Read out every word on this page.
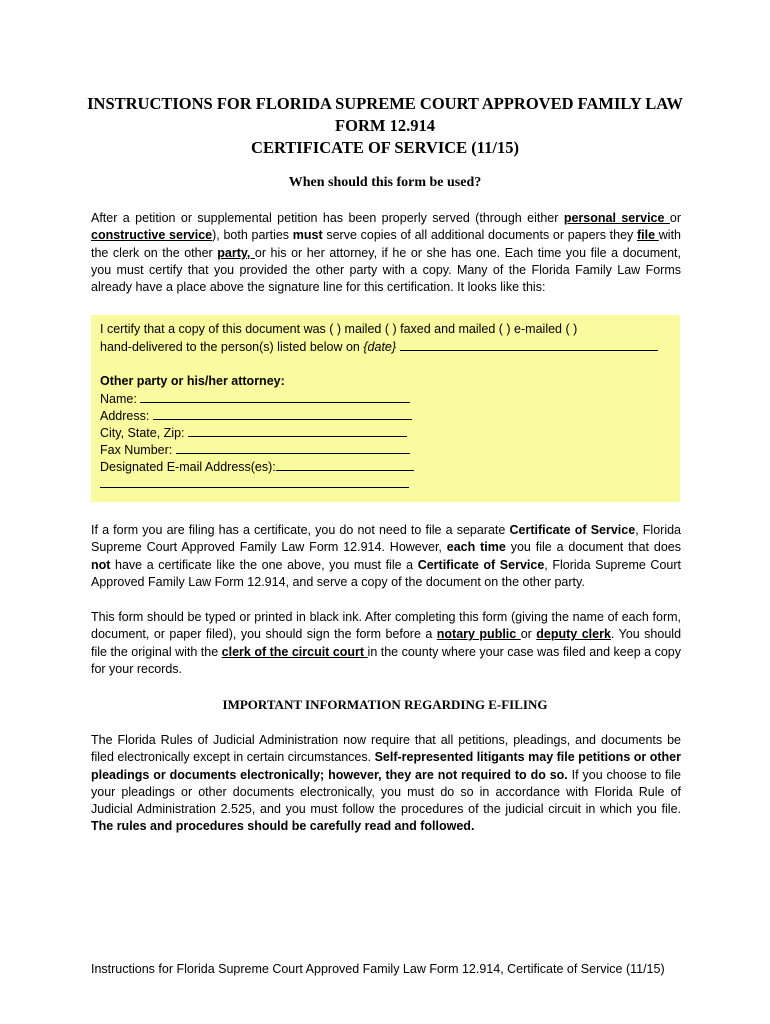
INSTRUCTIONS FOR FLORIDA SUPREME COURT APPROVED FAMILY LAW
FORM 12.914
CERTIFICATE OF SERVICE (11/15)
When should this form be used?
After a petition or supplemental petition has been properly served (through either personal service or constructive service), both parties must serve copies of all additional documents or papers they file with the clerk on the other party, or his or her attorney, if he or she has one. Each time you file a document, you must certify that you provided the other party with a copy. Many of the Florida Family Law Forms already have a place above the signature line for this certification. It looks like this:
I certify that a copy of this document was ( ) mailed ( ) faxed and mailed ( ) e-mailed ( )
hand-delivered to the person(s) listed below on {date}
Other party or his/her attorney:
Name:
Address:
City, State, Zip:
Fax Number:
Designated E-mail Address(es):
If a form you are filing has a certificate, you do not need to file a separate Certificate of Service, Florida Supreme Court Approved Family Law Form 12.914. However, each time you file a document that does not have a certificate like the one above, you must file a Certificate of Service, Florida Supreme Court Approved Family Law Form 12.914, and serve a copy of the document on the other party.
This form should be typed or printed in black ink. After completing this form (giving the name of each form, document, or paper filed), you should sign the form before a notary public or deputy clerk. You should file the original with the clerk of the circuit court in the county where your case was filed and keep a copy for your records.
IMPORTANT INFORMATION REGARDING E-FILING
The Florida Rules of Judicial Administration now require that all petitions, pleadings, and documents be filed electronically except in certain circumstances. Self-represented litigants may file petitions or other pleadings or documents electronically; however, they are not required to do so. If you choose to file your pleadings or other documents electronically, you must do so in accordance with Florida Rule of Judicial Administration 2.525, and you must follow the procedures of the judicial circuit in which you file. The rules and procedures should be carefully read and followed.
Instructions for Florida Supreme Court Approved Family Law Form 12.914, Certificate of Service (11/15)
